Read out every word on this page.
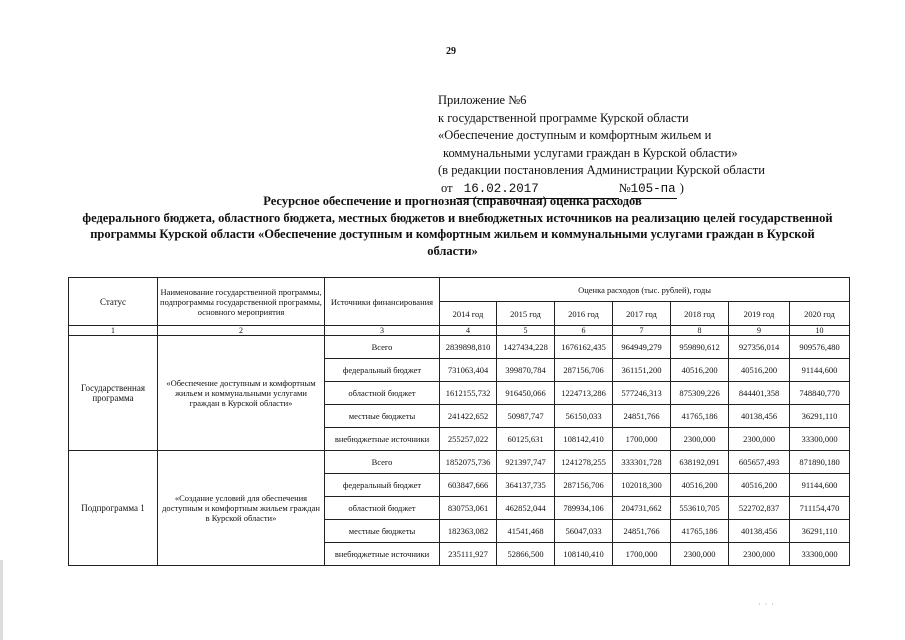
29
Приложение №6
к государственной программе Курской области
«Обеспечение доступным и комфортным жильем и
коммунальными услугами граждан в Курской области»
(в редакции постановления Администрации Курской области
от 16.02.2017	№105-па )
Ресурсное обеспечение и прогнозная (справочная) оценка расходов
федерального бюджета, областного бюджета, местных бюджетов и внебюджетных источников на реализацию целей государственной
программы Курской области «Обеспечение доступным и комфортным жильем и коммунальными услугами граждан в Курской
области»
Статус	Наименование государственной программы, подпрограммы государственной программы, основного мероприятия	Источники финансирования	Оценка расходов (тыс. рублей), годы						
			2014 год	2015 год	2016 год	2017 год	2018 год	2019 год	2020 год
1	2	3	4	5	6	7	8	9	10
Государственная программа	«Обеспечение доступным и комфортным жильем и коммунальными услугами граждан в Курской области»	Всего	2839898,810	1427434,228	1676162,435	964949,279	959890,612	927356,014	909576,480
		федеральный бюджет	731063,404	399870,784	287156,706	361151,200	40516,200	40516,200	91144,600
		областной бюджет	1612155,732	916450,066	1224713,286	577246,313	875309,226	844401,358	748840,770
		местные бюджеты	241422,652	50987,747	56150,033	24851,766	41765,186	40138,456	36291,110
		внебюджетные источники	255257,022	60125,631	108142,410	1700,000	2300,000	2300,000	33300,000
Подпрограмма 1	«Создание условий для обеспечения доступным и комфортным жильем граждан в Курской области»	Всего	1852075,736	921397,747	1241278,255	333301,728	638192,091	605657,493	871890,180
		федеральный бюджет	603847,666	364137,735	287156,706	102018,300	40516,200	40516,200	91144,600
		областной бюджет	830753,061	462852,044	789934,106	204731,662	553610,705	522702,837	711154,470
		местные бюджеты	182363,082	41541,468	56047,033	24851,766	41765,186	40138,456	36291,110
		внебюджетные источники	235111,927	52866,500	108140,410	1700,000	2300,000	2300,000	33300,000
· · ·
